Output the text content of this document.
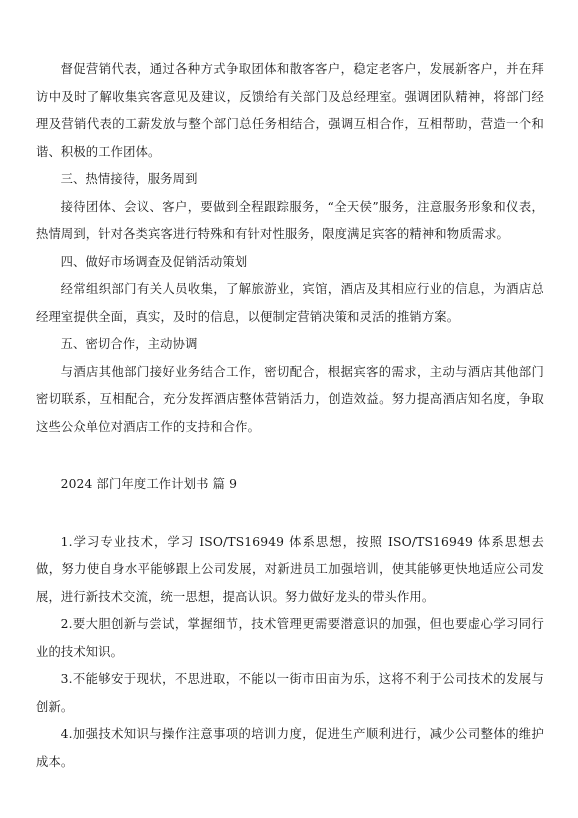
督促营销代表，通过各种方式争取团体和散客客户，稳定老客户，发展新客户，并在拜访中及时了解收集宾客意见及建议，反馈给有关部门及总经理室。强调团队精神，将部门经理及营销代表的工薪发放与整个部门总任务相结合，强调互相合作，互相帮助，营造一个和谐、积极的工作团体。

三、热情接待，服务周到

接待团体、会议、客户，要做到全程跟踪服务，“全天侯”服务，注意服务形象和仪表，热情周到，针对各类宾客进行特殊和有针对性服务，限度满足宾客的精神和物质需求。

四、做好市场调查及促销活动策划

经常组织部门有关人员收集，了解旅游业，宾馆，酒店及其相应行业的信息，为酒店总经理室提供全面，真实，及时的信息，以便制定营销决策和灵活的推销方案。

五、密切合作，主动协调

与酒店其他部门接好业务结合工作，密切配合，根据宾客的需求，主动与酒店其他部门密切联系，互相配合，充分发挥酒店整体营销活力，创造效益。努力提高酒店知名度，争取这些公众单位对酒店工作的支持和合作。

2024 部门年度工作计划书 篇 9

1.学习专业技术，学习 ISO/TS16949 体系思想，按照 ISO/TS16949 体系思想去做，努力使自身水平能够跟上公司发展，对新进员工加强培训，使其能够更快地适应公司发展，进行新技术交流，统一思想，提高认识。努力做好龙头的带头作用。

2.要大胆创新与尝试，掌握细节，技术管理更需要潜意识的加强，但也要虚心学习同行业的技术知识。

3.不能够安于现状，不思进取，不能以一街市田亩为乐，这将不利于公司技术的发展与创新。

4.加强技术知识与操作注意事项的培训力度，促进生产顺利进行，减少公司整体的维护成本。
